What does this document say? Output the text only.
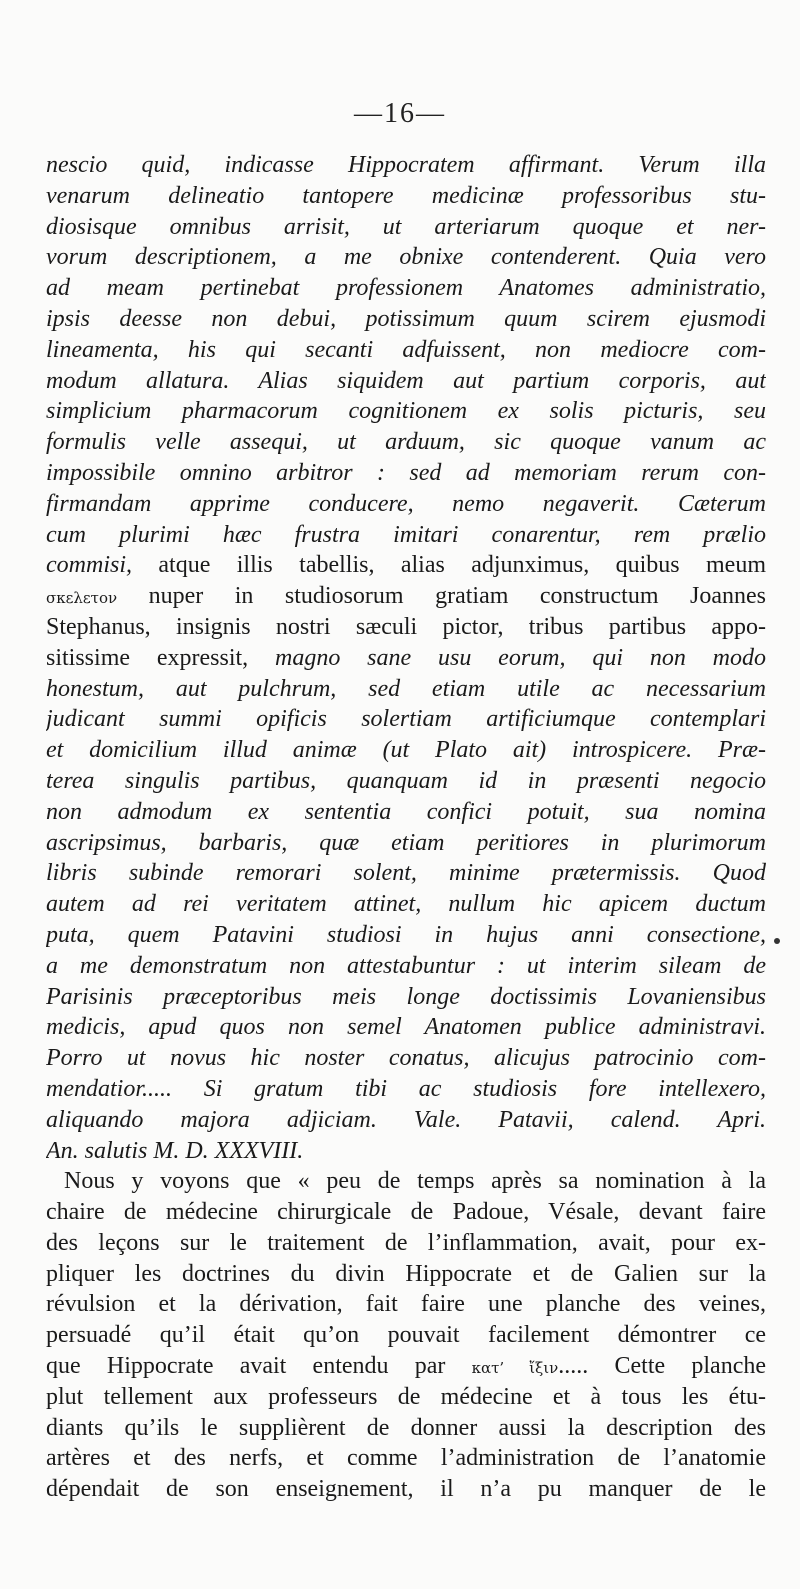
—16—
nescio quid, indicasse Hippocratem affirmant. Verum illa
venarum delineatio tantopere medicinæ professoribus stu-
diosisque omnibus arrisit, ut arteriarum quoque et ner-
vorum descriptionem, a me obnixe contenderent. Quia vero
ad meam pertinebat professionem Anatomes administratio,
ipsis deesse non debui, potissimum quum scirem ejusmodi
lineamenta, his qui secanti adfuissent, non mediocre com-
modum allatura. Alias siquidem aut partium corporis, aut
simplicium pharmacorum cognitionem ex solis picturis, seu
formulis velle assequi, ut arduum, sic quoque vanum ac
impossibile omnino arbitror : sed ad memoriam rerum con-
firmandam apprime conducere, nemo negaverit. Cæterum
cum plurimi hæc frustra imitari conarentur, rem prælio
commisi, atque illis tabellis, alias adjunximus, quibus meum
σκελετον nuper in studiosorum gratiam constructum Joannes
Stephanus, insignis nostri sæculi pictor, tribus partibus appo-
sitissime expressit, magno sane usu eorum, qui non modo
honestum, aut pulchrum, sed etiam utile ac necessarium
judicant summi opificis solertiam artificiumque contemplari
et domicilium illud animæ (ut Plato ait) introspicere. Præ-
terea singulis partibus, quanquam id in præsenti negocio
non admodum ex sententia confici potuit, sua nomina
ascripsimus, barbaris, quæ etiam peritiores in plurimorum
libris subinde remorari solent, minime prætermissis. Quod
autem ad rei veritatem attinet, nullum hic apicem ductum
puta, quem Patavini studiosi in hujus anni consectione,
a me demonstratum non attestabuntur : ut interim sileam de
Parisinis præceptoribus meis longe doctissimis Lovaniensibus
medicis, apud quos non semel Anatomen publice administravi.
Porro ut novus hic noster conatus, alicujus patrocinio com-
mendatior..... Si gratum tibi ac studiosis fore intellexero,
aliquando majora adjiciam. Vale. Patavii, calend. Apri.
An. salutis M. D. XXXVIII.
Nous y voyons que « peu de temps après sa nomination à la
chaire de médecine chirurgicale de Padoue, Vésale, devant faire
des leçons sur le traitement de l’inflammation, avait, pour ex-
pliquer les doctrines du divin Hippocrate et de Galien sur la
révulsion et la dérivation, fait faire une planche des veines,
persuadé qu’il était qu’on pouvait facilement démontrer ce
que Hippocrate avait entendu par κατ’ ἴξιν..... Cette planche
plut tellement aux professeurs de médecine et à tous les étu-
diants qu’ils le supplièrent de donner aussi la description des
artères et des nerfs, et comme l’administration de l’anatomie
dépendait de son enseignement, il n’a pu manquer de le
